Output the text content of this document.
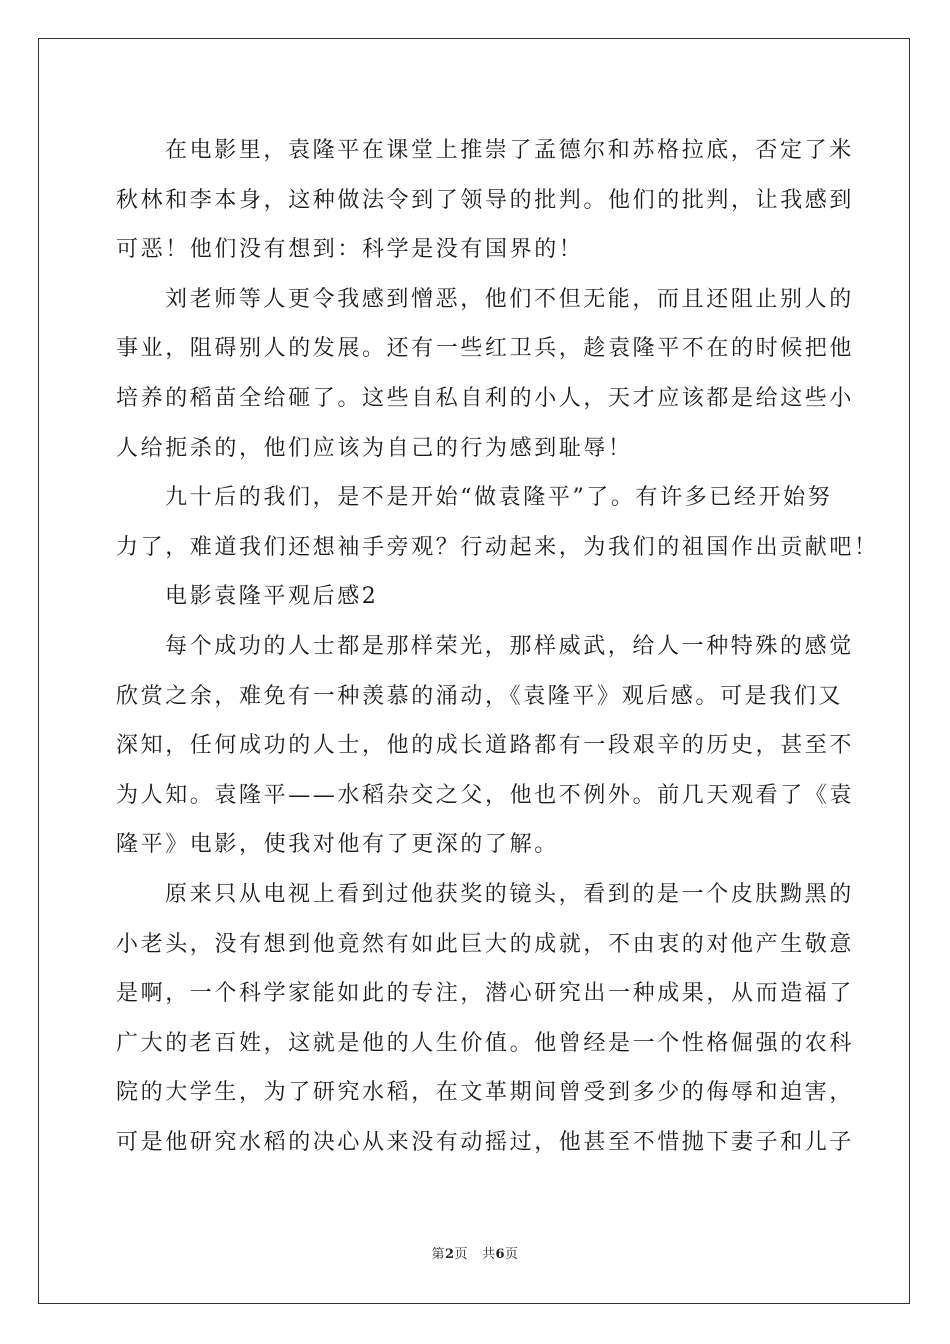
在电影里，袁隆平在课堂上推崇了孟德尔和苏格拉底，否定了米
秋林和李本身，这种做法令到了领导的批判。他们的批判，让我感到
可恶！他们没有想到：科学是没有国界的！
刘老师等人更令我感到憎恶，他们不但无能，而且还阻止别人的
事业，阻碍别人的发展。还有一些红卫兵，趁袁隆平不在的时候把他
培养的稻苗全给砸了。这些自私自利的小人，天才应该都是给这些小
人给扼杀的，他们应该为自己的行为感到耻辱！
九十后的我们，是不是开始“做袁隆平”了。有许多已经开始努
力了，难道我们还想袖手旁观？行动起来，为我们的祖国作出贡献吧！
电影袁隆平观后感2
每个成功的人士都是那样荣光，那样威武，给人一种特殊的感觉
欣赏之余，难免有一种羡慕的涌动，《袁隆平》观后感。可是我们又
深知，任何成功的人士，他的成长道路都有一段艰辛的历史，甚至不
为人知。袁隆平——水稻杂交之父，他也不例外。前几天观看了《袁
隆平》电影，使我对他有了更深的了解。
原来只从电视上看到过他获奖的镜头，看到的是一个皮肤黝黑的
小老头，没有想到他竟然有如此巨大的成就，不由衷的对他产生敬意
是啊，一个科学家能如此的专注，潜心研究出一种成果，从而造福了
广大的老百姓，这就是他的人生价值。他曾经是一个性格倔强的农科
院的大学生，为了研究水稻，在文革期间曾受到多少的侮辱和迫害，
可是他研究水稻的决心从来没有动摇过，他甚至不惜抛下妻子和儿子
第2页 共6页
